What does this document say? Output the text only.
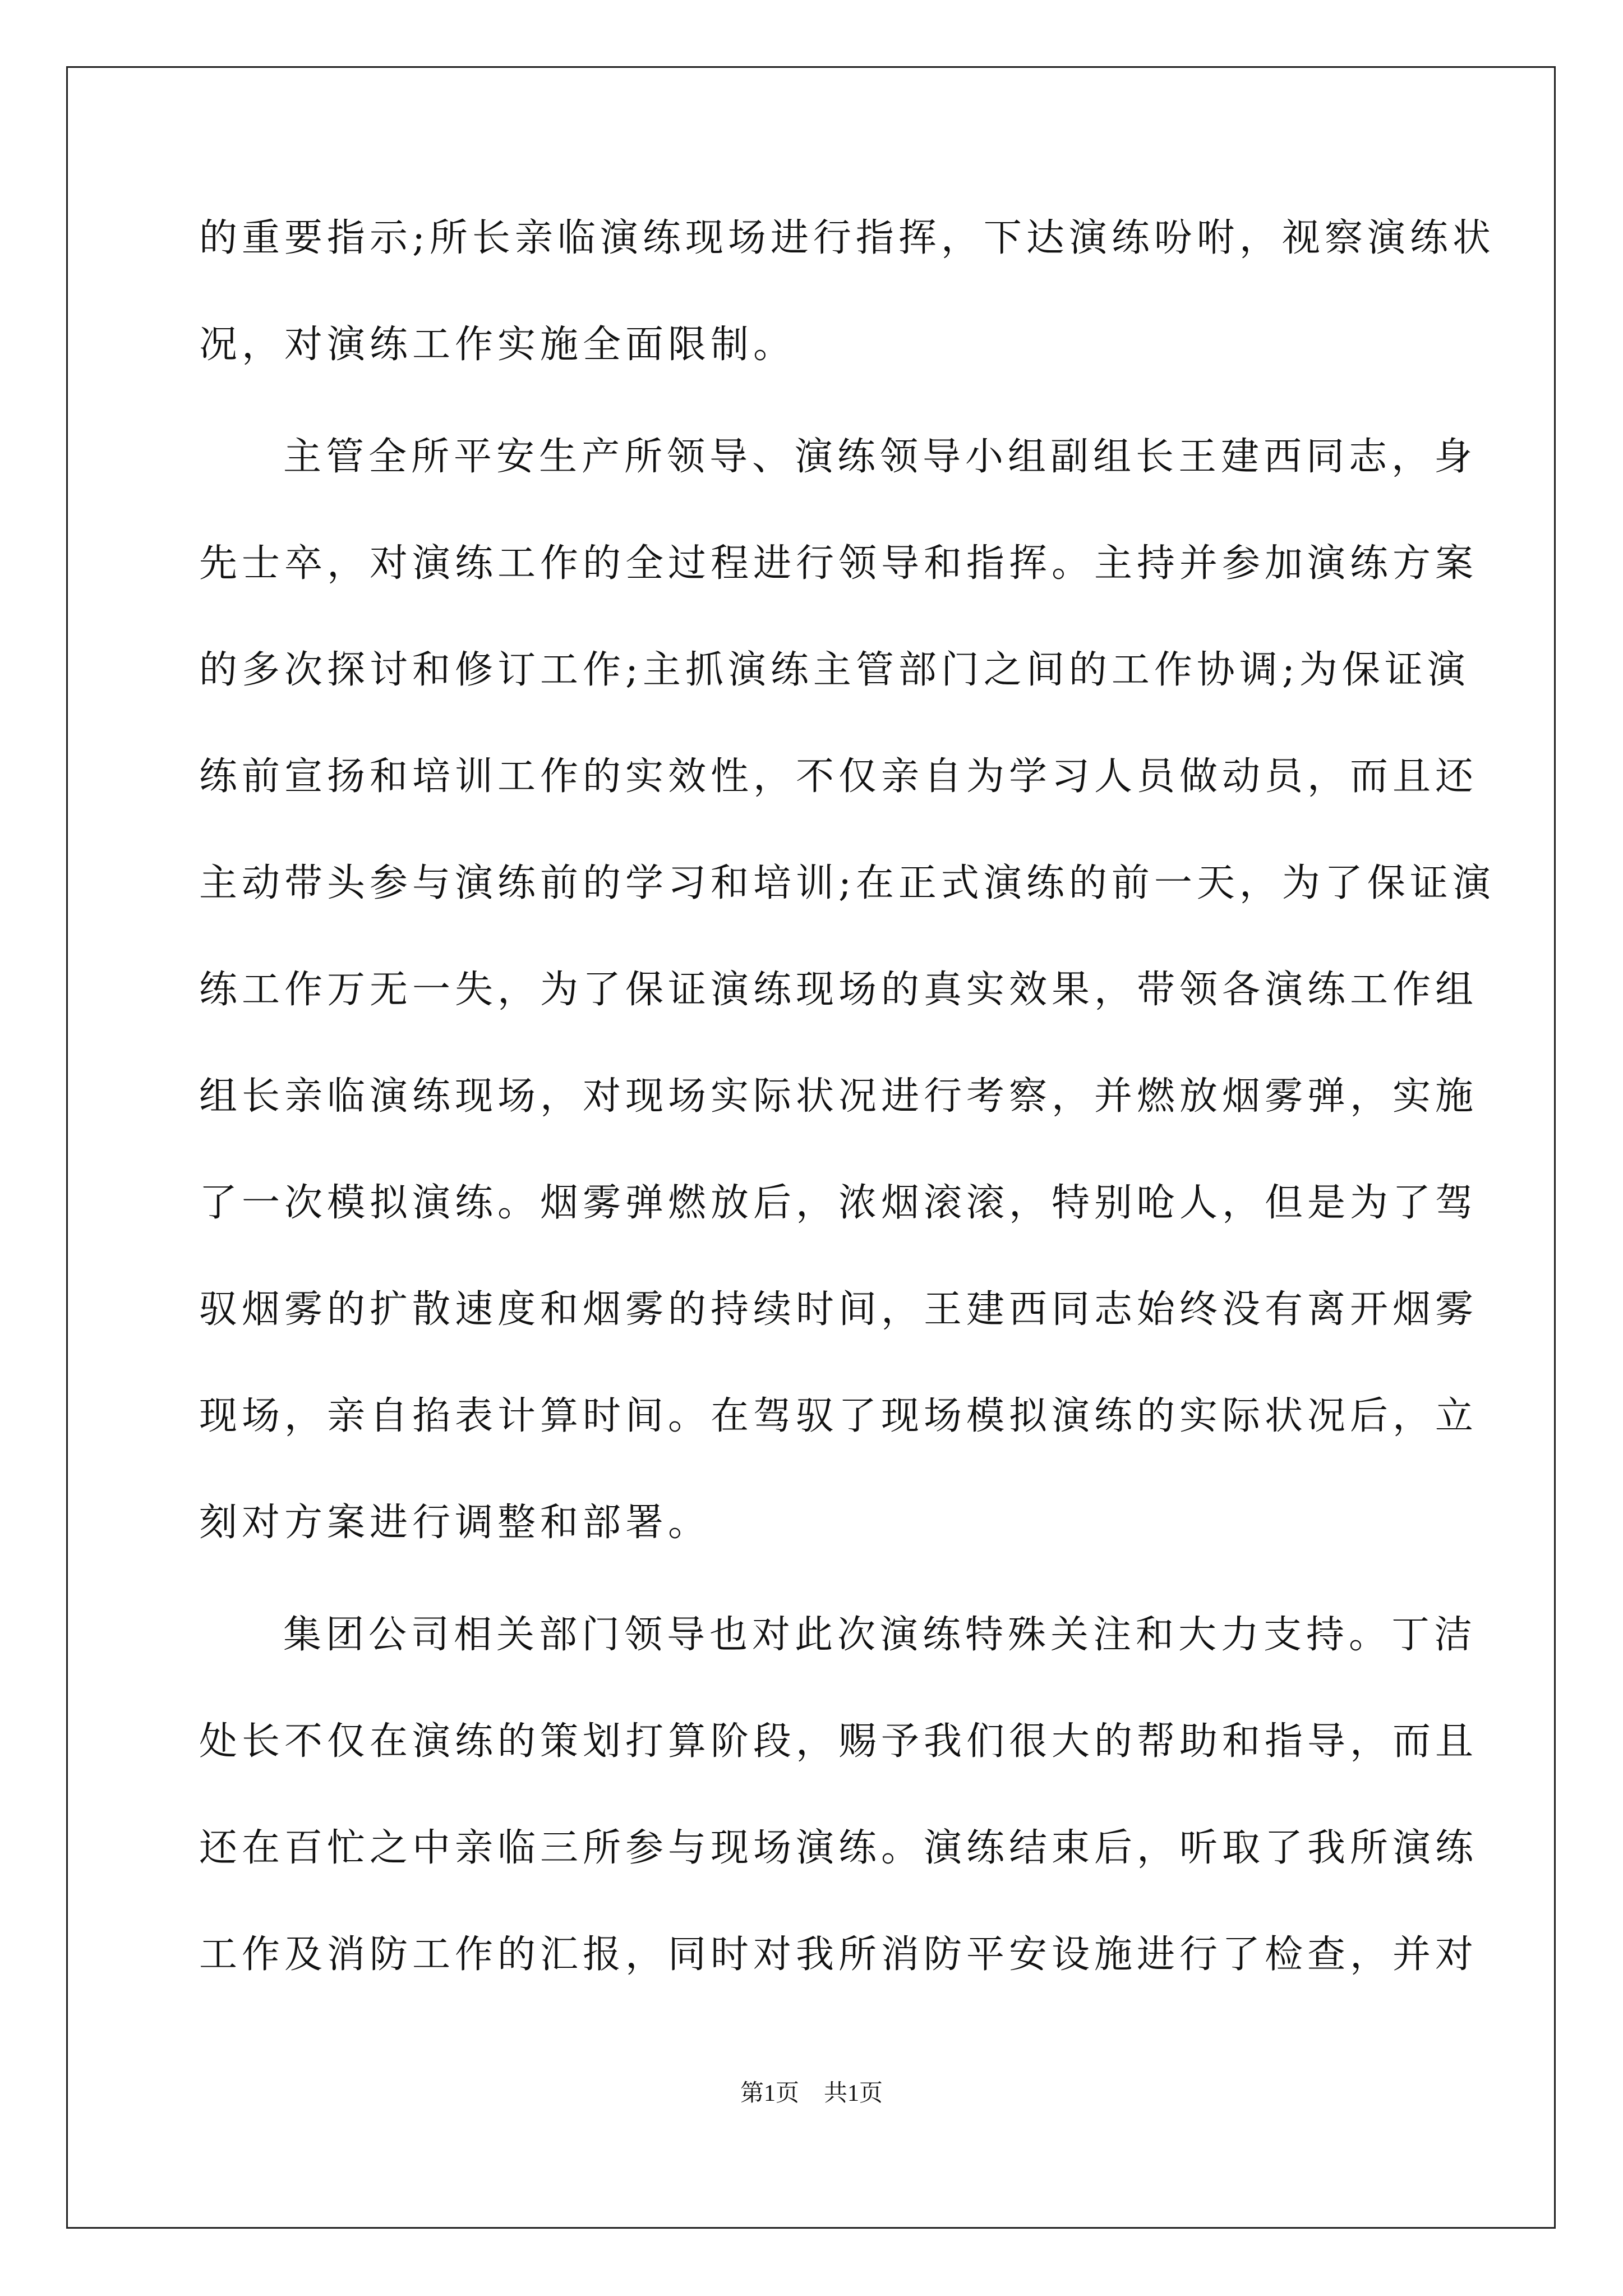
的重要指示;所长亲临演练现场进行指挥，下达演练吩咐，视察演练状
况，对演练工作实施全面限制。
主管全所平安生产所领导、演练领导小组副组长王建西同志，身
先士卒，对演练工作的全过程进行领导和指挥。主持并参加演练方案
的多次探讨和修订工作;主抓演练主管部门之间的工作协调;为保证演
练前宣扬和培训工作的实效性，不仅亲自为学习人员做动员，而且还
主动带头参与演练前的学习和培训;在正式演练的前一天，为了保证演
练工作万无一失，为了保证演练现场的真实效果，带领各演练工作组
组长亲临演练现场，对现场实际状况进行考察，并燃放烟雾弹，实施
了一次模拟演练。烟雾弹燃放后，浓烟滚滚，特别呛人，但是为了驾
驭烟雾的扩散速度和烟雾的持续时间，王建西同志始终没有离开烟雾
现场，亲自掐表计算时间。在驾驭了现场模拟演练的实际状况后，立
刻对方案进行调整和部署。
集团公司相关部门领导也对此次演练特殊关注和大力支持。丁洁
处长不仅在演练的策划打算阶段，赐予我们很大的帮助和指导，而且
还在百忙之中亲临三所参与现场演练。演练结束后，听取了我所演练
工作及消防工作的汇报，同时对我所消防平安设施进行了检查，并对
第1页 共1页
